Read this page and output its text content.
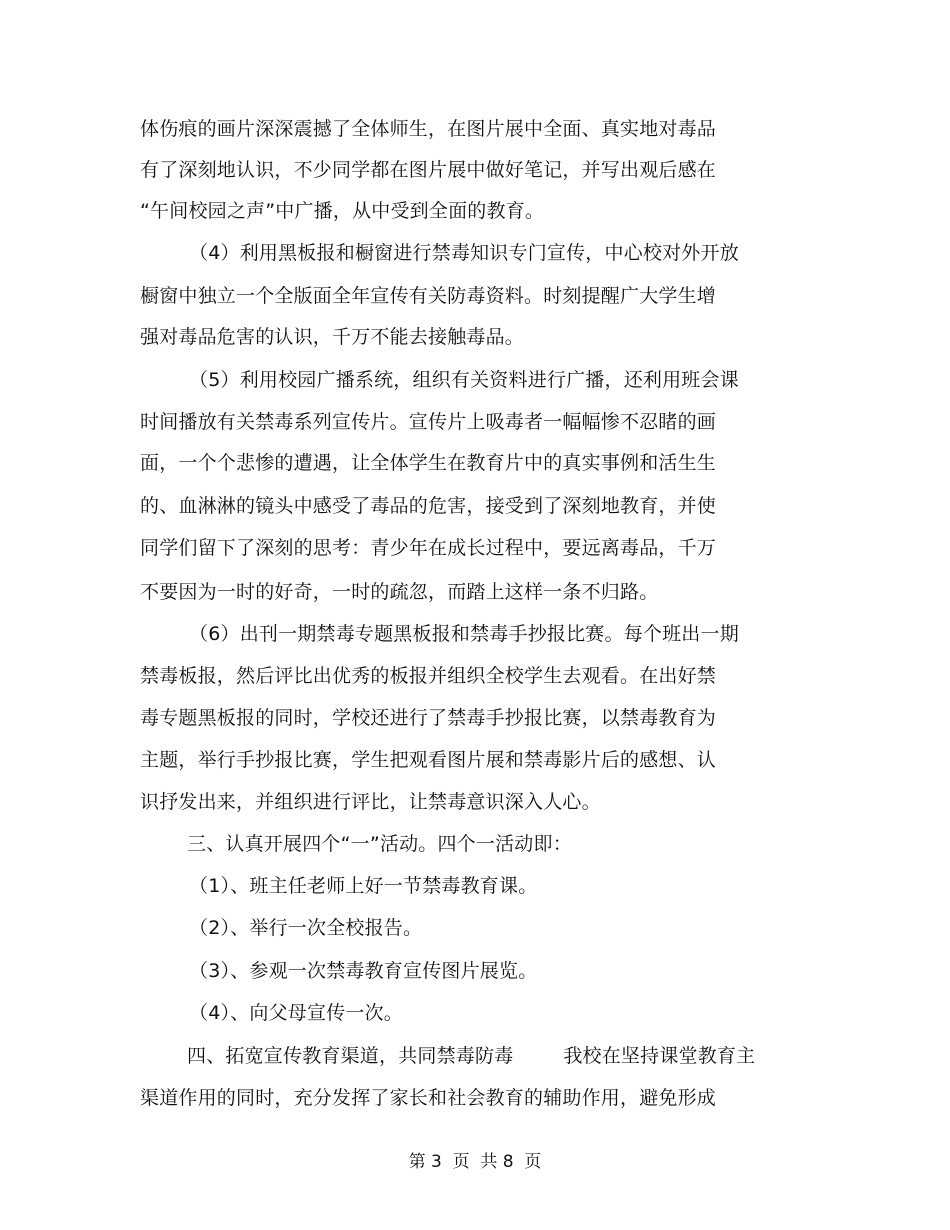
体伤痕的画片深深震撼了全体师生，在图片展中全面、真实地对毒品
有了深刻地认识，不少同学都在图片展中做好笔记，并写出观后感在
“午间校园之声”中广播，从中受到全面的教育。
（4）利用黑板报和橱窗进行禁毒知识专门宣传，中心校对外开放
橱窗中独立一个全版面全年宣传有关防毒资料。时刻提醒广大学生增
强对毒品危害的认识，千万不能去接触毒品。
（5）利用校园广播系统，组织有关资料进行广播，还利用班会课
时间播放有关禁毒系列宣传片。宣传片上吸毒者一幅幅惨不忍睹的画
面，一个个悲惨的遭遇，让全体学生在教育片中的真实事例和活生生
的、血淋淋的镜头中感受了毒品的危害，接受到了深刻地教育，并使
同学们留下了深刻的思考：青少年在成长过程中，要远离毒品，千万
不要因为一时的好奇，一时的疏忽，而踏上这样一条不归路。
（6）出刊一期禁毒专题黑板报和禁毒手抄报比赛。每个班出一期
禁毒板报，然后评比出优秀的板报并组织全校学生去观看。在出好禁
毒专题黑板报的同时，学校还进行了禁毒手抄报比赛，以禁毒教育为
主题，举行手抄报比赛，学生把观看图片展和禁毒影片后的感想、认
识抒发出来，并组织进行评比，让禁毒意识深入人心。
三、认真开展四个“一”活动。四个一活动即：
（1）、班主任老师上好一节禁毒教育课。
（2）、举行一次全校报告。
（3）、参观一次禁毒教育宣传图片展览。
（4）、向父母宣传一次。
四、拓宽宣传教育渠道，共同禁毒防毒        我校在坚持课堂教育主
渠道作用的同时，充分发挥了家长和社会教育的辅助作用，避免形成
第 3  页  共 8  页
